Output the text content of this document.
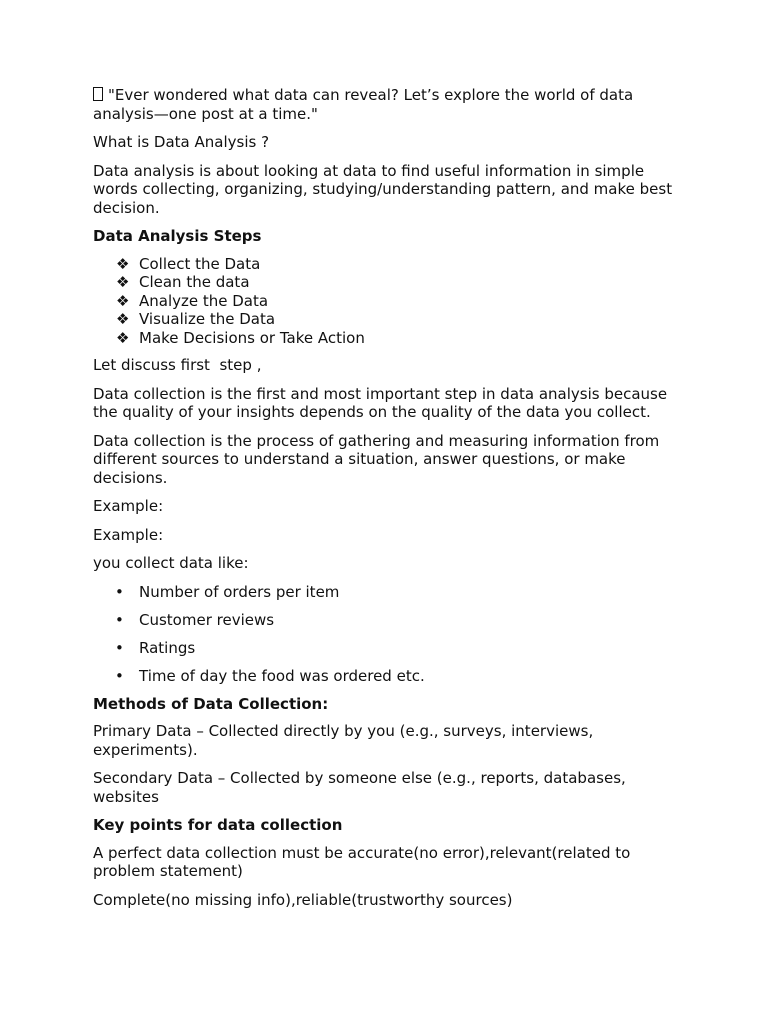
"Ever wondered what data can reveal? Let’s explore the world of data analysis—one post at a time."

What is Data Analysis ?

Data analysis is about looking at data to find useful information in simple words collecting, organizing, studying/understanding pattern, and make best decision.

Data Analysis Steps

❖ Collect the Data
❖ Clean the data
❖ Analyze the Data
❖ Visualize the Data
❖ Make Decisions or Take Action

Let discuss first  step ,

Data collection is the first and most important step in data analysis because the quality of your insights depends on the quality of the data you collect.

Data collection is the process of gathering and measuring information from different sources to understand a situation, answer questions, or make decisions.

Example:

Example:

you collect data like:

• Number of orders per item
• Customer reviews
• Ratings
• Time of day the food was ordered etc.

Methods of Data Collection:

Primary Data – Collected directly by you (e.g., surveys, interviews, experiments).

Secondary Data – Collected by someone else (e.g., reports, databases, websites

Key points for data collection

A perfect data collection must be accurate(no error),relevant(related to problem statement)

Complete(no missing info),reliable(trustworthy sources)
